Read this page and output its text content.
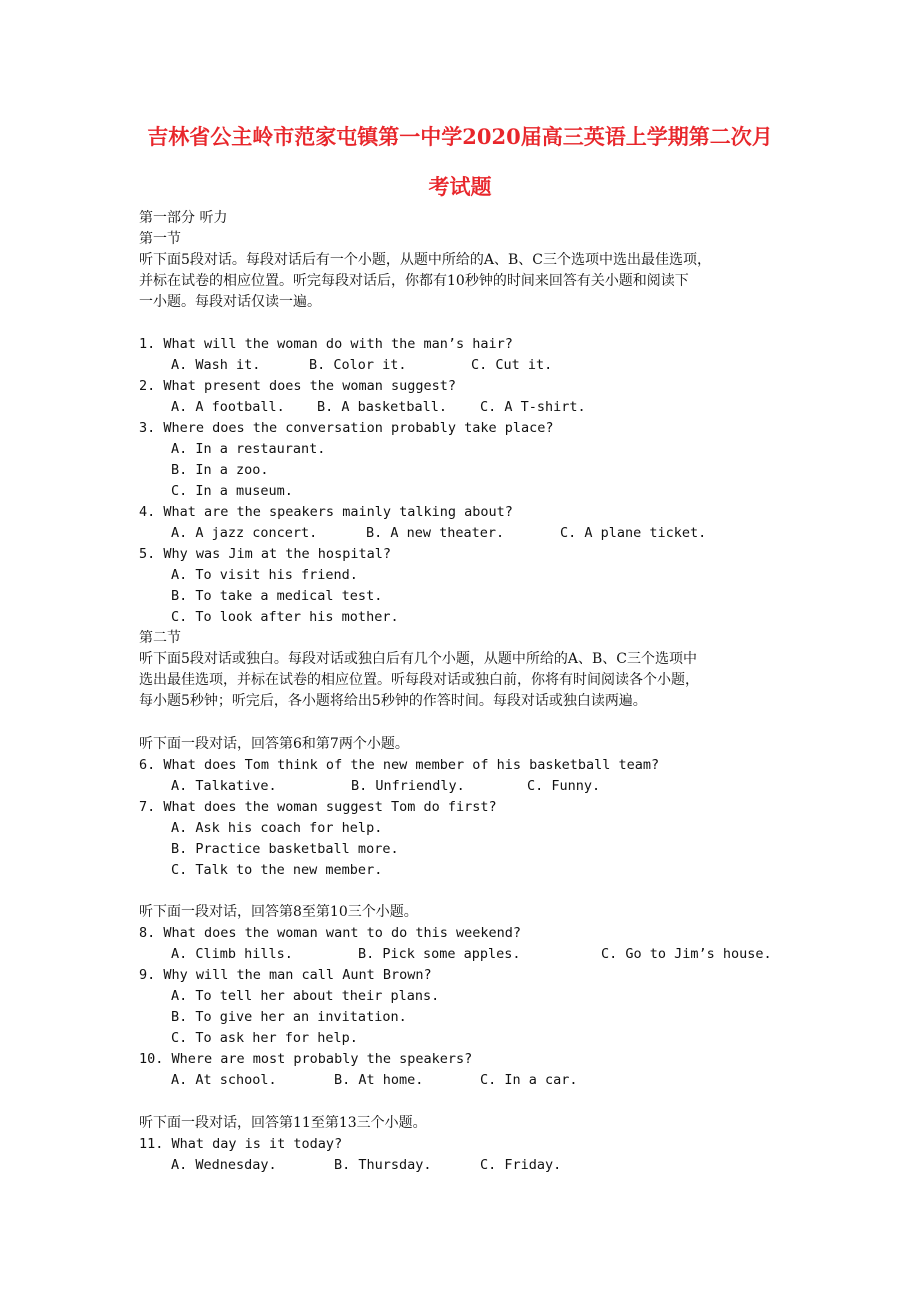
吉林省公主岭市范家屯镇第一中学2020届高三英语上学期第二次月
考试题
第一部分 听力
第一节
听下面5段对话。每段对话后有一个小题，从题中所给的A、B、C三个选项中选出最佳选项，
并标在试卷的相应位置。听完每段对话后，你都有10秒钟的时间来回答有关小题和阅读下
一小题。每段对话仅读一遍。
1. What will the woman do with the man’s hair?
A. Wash it.	B. Color it.	C. Cut it.
2. What present does the woman suggest?
A. A football. B. A basketball. C. A T-shirt.
3. Where does the conversation probably take place?
A. In a restaurant.
B. In a zoo.
C. In a museum.
4. What are the speakers mainly talking about?
A. A jazz concert.	B. A new theater.	C. A plane ticket.
5. Why was Jim at the hospital?
A. To visit his friend.
B. To take a medical test.
C. To look after his mother.
第二节
听下面5段对话或独白。每段对话或独白后有几个小题，从题中所给的A、B、C三个选项中
选出最佳选项，并标在试卷的相应位置。听每段对话或独白前，你将有时间阅读各个小题，
每小题5秒钟；听完后，各小题将给出5秒钟的作答时间。每段对话或独白读两遍。
听下面一段对话，回答第6和第7两个小题。
6. What does Tom think of the new member of his basketball team?
A. Talkative.	B. Unfriendly.	C. Funny.
7. What does the woman suggest Tom do first?
A. Ask his coach for help.
B. Practice basketball more.
C. Talk to the new member.
听下面一段对话，回答第8至第10三个小题。
8. What does the woman want to do this weekend?
A. Climb hills.	B. Pick some apples.	C. Go to Jim’s house.
9. Why will the man call Aunt Brown?
A. To tell her about their plans.
B. To give her an invitation.
C. To ask her for help.
10. Where are most probably the speakers?
A. At school.	B. At home.	C. In a car.
听下面一段对话，回答第11至第13三个小题。
11. What day is it today?
A. Wednesday.	B. Thursday.	C. Friday.
